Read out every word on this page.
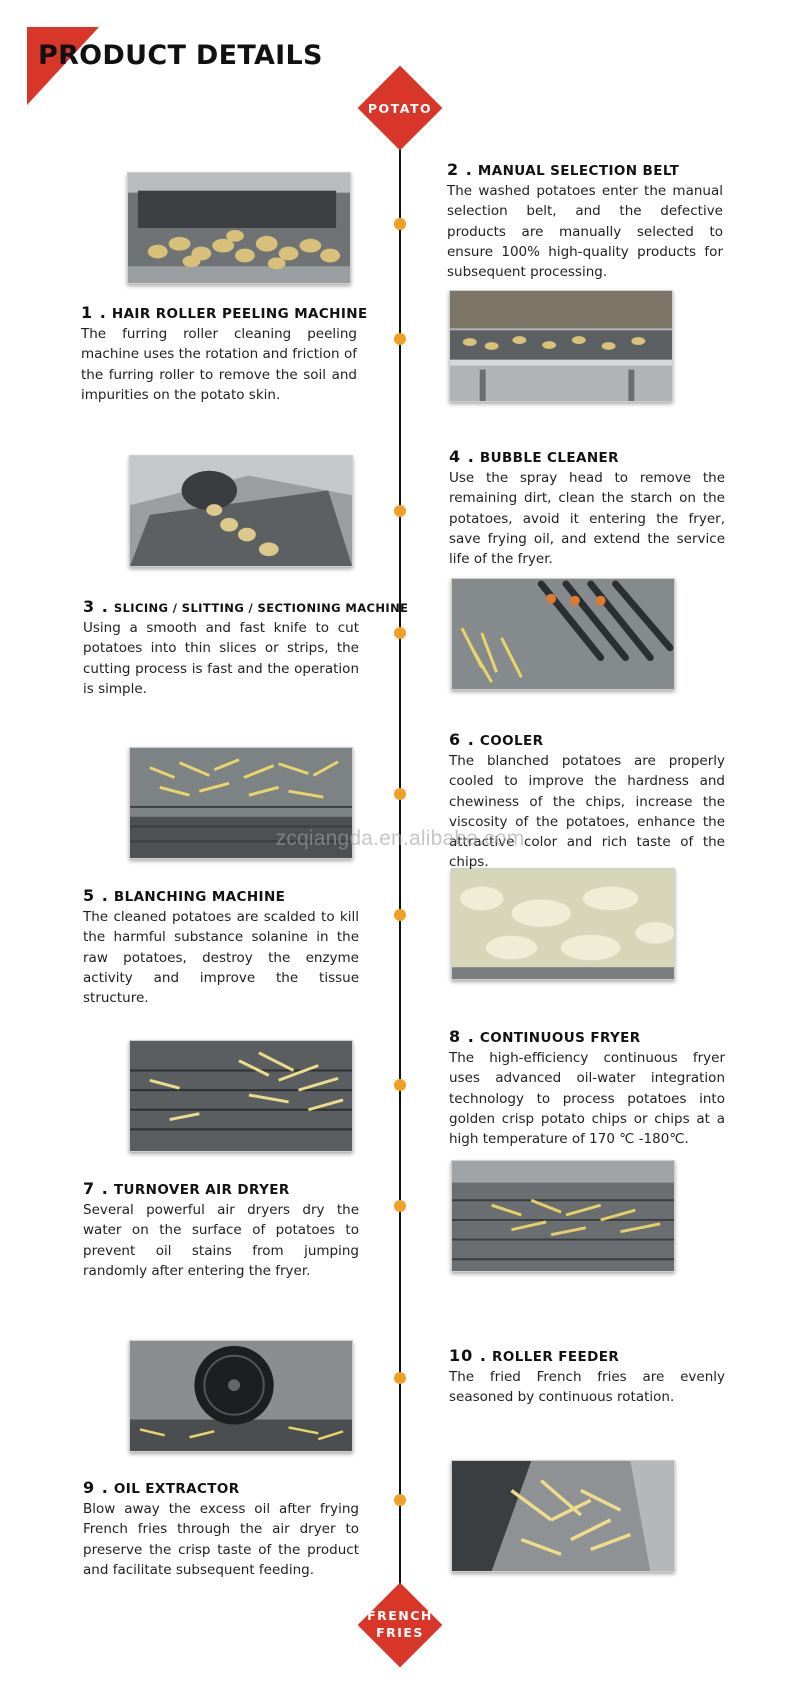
PRODUCT DETAILS
POTATO
FRENCH
FRIES
1 . HAIR ROLLER PEELING MACHINE
The furring roller cleaning peeling machine uses the rotation and friction of the furring roller to remove the soil and impurities on the potato skin.
3 . SLICING / SLITTING / SECTIONING MACHINE
Using a smooth and fast knife to cut potatoes into thin slices or strips, the cutting process is fast and the operation is simple.
5 . BLANCHING MACHINE
The cleaned potatoes are scalded to kill the harmful substance solanine in the raw potatoes, destroy the enzyme activity and improve the tissue structure.
7 . TURNOVER AIR DRYER
Several powerful air dryers dry the water on the surface of potatoes to prevent oil stains from jumping randomly after entering the fryer.
9 . OIL EXTRACTOR
Blow away the excess oil after frying French fries through the air dryer to preserve the crisp taste of the product and facilitate subsequent feeding.
2 . MANUAL SELECTION BELT
The washed potatoes enter the manual selection belt, and the defective products are manually selected to ensure 100% high-quality products for subsequent processing.
4 . BUBBLE CLEANER
Use the spray head to remove the remaining dirt, clean the starch on the potatoes, avoid it entering the fryer, save frying oil, and extend the service life of the fryer.
6 . COOLER
The blanched potatoes are properly cooled to improve the hardness and chewiness of the chips, increase the viscosity of the potatoes, enhance the attractive color and rich taste of the chips.
8 . CONTINUOUS FRYER
The high-efficiency continuous fryer uses advanced oil-water integration technology to process potatoes into golden crisp potato chips or chips at a high temperature of 170 ℃ -180℃.
10 . ROLLER FEEDER
The fried French fries are evenly seasoned by continuous rotation.
zcqiangda.en.alibaba.com
